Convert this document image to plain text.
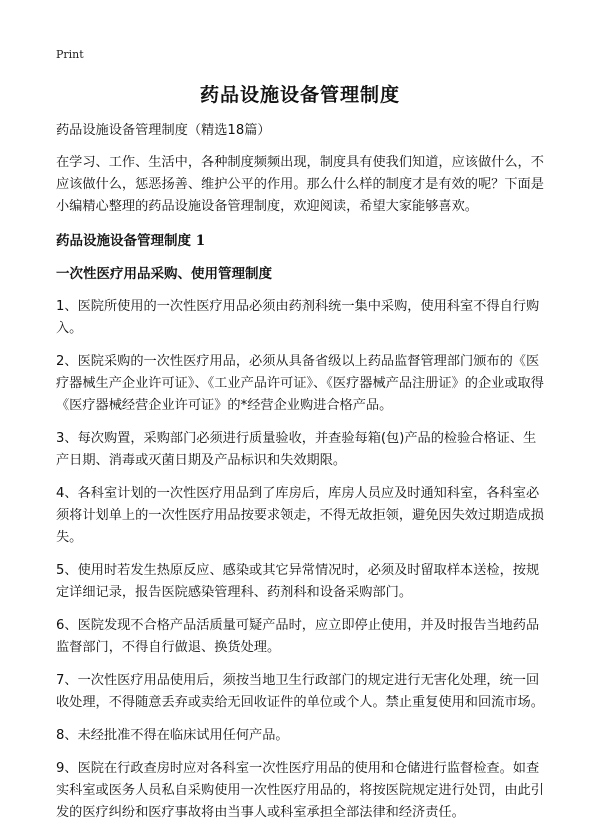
Print
药品设施设备管理制度

药品设施设备管理制度（精选18篇）

在学习、工作、生活中，各种制度频频出现，制度具有使我们知道，应该做什么，不应该做什么，惩恶扬善、维护公平的作用。那么什么样的制度才是有效的呢？下面是小编精心整理的药品设施设备管理制度，欢迎阅读，希望大家能够喜欢。

药品设施设备管理制度 1

一次性医疗用品采购、使用管理制度

1、医院所使用的一次性医疗用品必须由药剂科统一集中采购，使用科室不得自行购入。

2、医院采购的一次性医疗用品，必须从具备省级以上药品监督管理部门颁布的《医疗器械生产企业许可证》、《工业产品许可证》、《医疗器械产品注册证》的企业或取得《医疗器械经营企业许可证》的*经营企业购进合格产品。

3、每次购置，采购部门必须进行质量验收，并查验每箱(包)产品的检验合格证、生产日期、消毒或灭菌日期及产品标识和失效期限。

4、各科室计划的一次性医疗用品到了库房后，库房人员应及时通知科室，各科室必须将计划单上的一次性医疗用品按要求领走，不得无故拒领，避免因失效过期造成损失。

5、使用时若发生热原反应、感染或其它异常情况时，必须及时留取样本送检，按规定详细记录，报告医院感染管理科、药剂科和设备采购部门。

6、医院发现不合格产品活质量可疑产品时，应立即停止使用，并及时报告当地药品监督部门，不得自行做退、换货处理。

7、一次性医疗用品使用后，须按当地卫生行政部门的规定进行无害化处理，统一回收处理，不得随意丢弃或卖给无回收证件的单位或个人。禁止重复使用和回流市场。

8、未经批准不得在临床试用任何产品。

9、医院在行政查房时应对各科室一次性医疗用品的使用和仓储进行监督检查。如查实科室或医务人员私自采购使用一次性医疗用品的，将按医院规定进行处罚，由此引发的医疗纠纷和医疗事故将由当事人或科室承担全部法律和经济责任。
